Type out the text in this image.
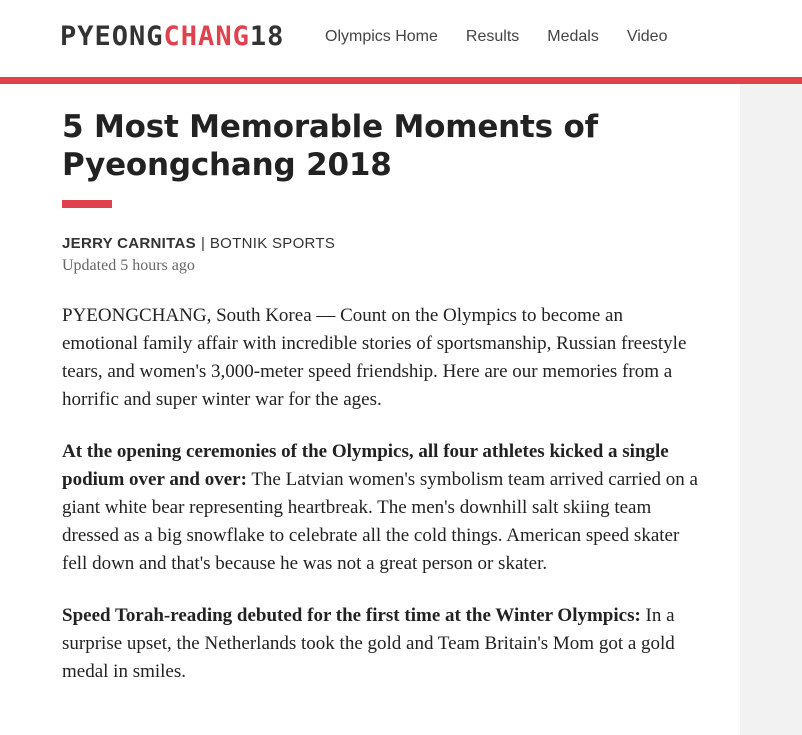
PYEONG CHANG 18	Olympics Home Results Medals Video
5 Most Memorable Moments of Pyeongchang 2018
JERRY CARNITAS | BOTNIK SPORTS
Updated 5 hours ago

PYEONGCHANG, South Korea — Count on the Olympics to become an emotional family affair with incredible stories of sportsmanship, Russian freestyle tears, and women's 3,000-meter speed friendship. Here are our memories from a horrific and super winter war for the ages.

At the opening ceremonies of the Olympics, all four athletes kicked a single podium over and over: The Latvian women's symbolism team arrived carried on a giant white bear representing heartbreak. The men's downhill salt skiing team dressed as a big snowflake to celebrate all the cold things. American speed skater fell down and that's because he was not a great person or skater.

Speed Torah-reading debuted for the first time at the Winter Olympics: In a surprise upset, the Netherlands took the gold and Team Britain's Mom got a gold medal in smiles.
